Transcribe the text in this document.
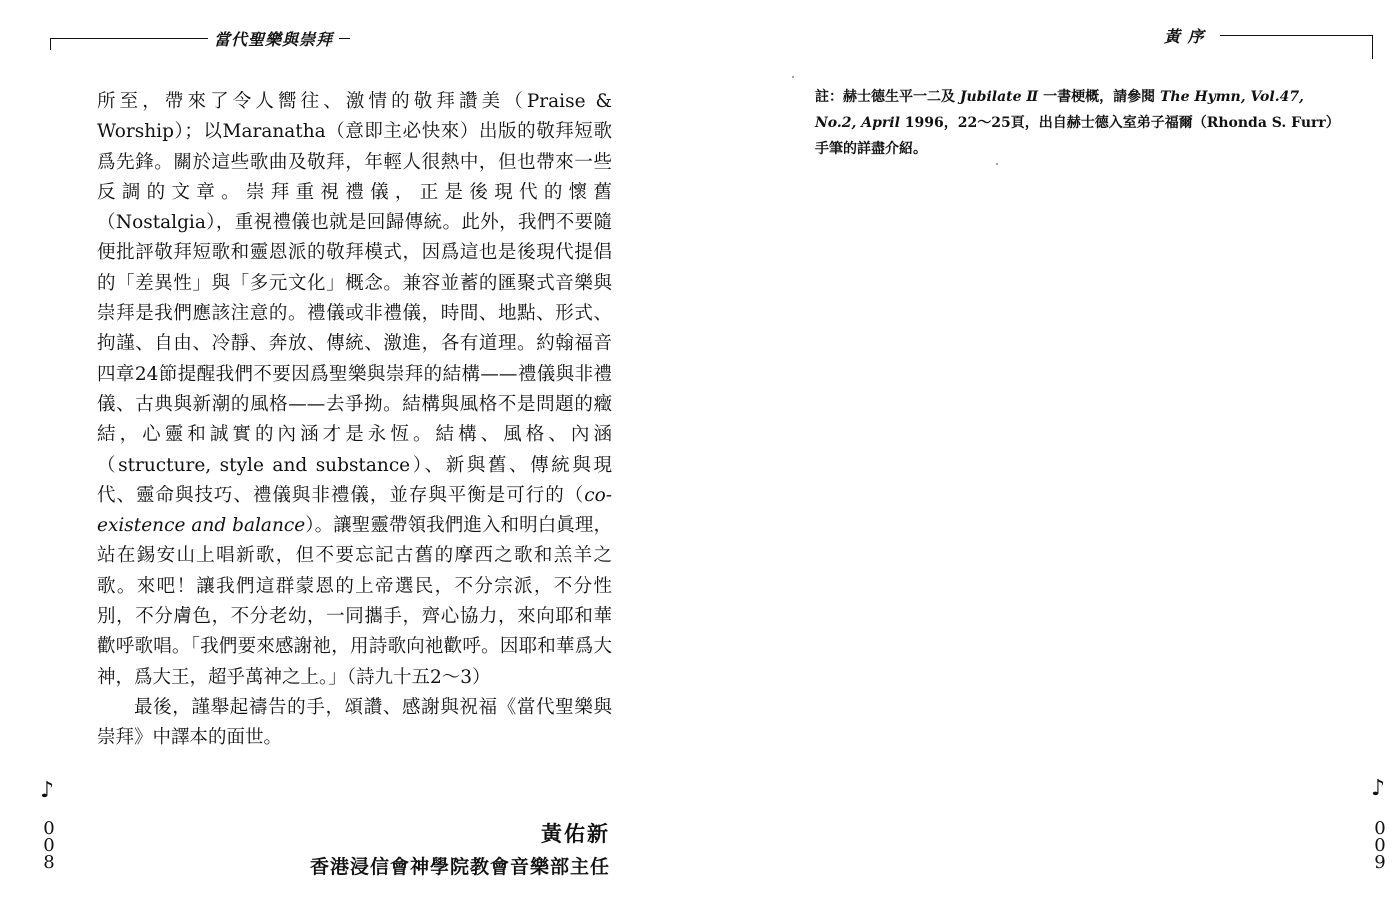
當代聖樂與崇拜

所至，帶來了令人嚮往、激情的敬拜讚美（Praise & Worship）；以Maranatha（意即主必快來）出版的敬拜短歌爲先鋒。關於這些歌曲及敬拜，年輕人很熱中，但也帶來一些反調的文章。崇拜重視禮儀，正是後現代的懷舊（Nostalgia），重視禮儀也就是回歸傳統。此外，我們不要隨便批評敬拜短歌和靈恩派的敬拜模式，因爲這也是後現代提倡的「差異性」與「多元文化」概念。兼容並蓄的匯聚式音樂與崇拜是我們應該注意的。禮儀或非禮儀，時間、地點、形式、拘謹、自由、冷靜、奔放、傳統、激進，各有道理。約翰福音四章24節提醒我們不要因爲聖樂與崇拜的結構——禮儀與非禮儀、古典與新潮的風格——去爭拗。結構與風格不是問題的癥結，心靈和誠實的內涵才是永恆。結構、風格、內涵（structure, style and substance）、新與舊、傳統與現代、靈命與技巧、禮儀與非禮儀，並存與平衡是可行的（co-existence and balance）。讓聖靈帶領我們進入和明白眞理，站在錫安山上唱新歌，但不要忘記古舊的摩西之歌和羔羊之歌。來吧！讓我們這群蒙恩的上帝選民，不分宗派，不分性別，不分膚色，不分老幼，一同攜手，齊心協力，來向耶和華歡呼歌唱。「我們要來感謝祂，用詩歌向祂歡呼。因耶和華爲大神，爲大王，超乎萬神之上。」（詩九十五2～3）

最後，謹舉起禱告的手，頌讚、感謝與祝福《當代聖樂與崇拜》中譯本的面世。

♪
0
0
8
黃佑新
香港浸信會神學院教會音樂部主任
黃 序
註：赫士德生平一二及 Jubilate Ⅱ 一書梗概，請參閱 The Hymn, Vol.47, No.2, April 1996，22～25頁，出自赫士德入室弟子福爾（Rhonda S. Furr）手筆的詳盡介紹。
♪
0
0
9
